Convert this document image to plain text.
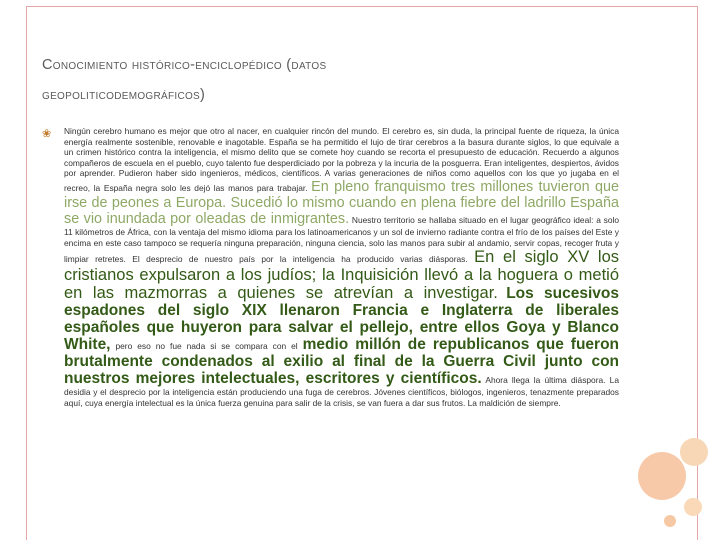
Conocimiento histórico-enciclopédico (datos
geopoliticodemográficos)
❀	Ningún cerebro humano es mejor que otro al nacer, en cualquier rincón del mundo. El cerebro es, sin duda, la principal fuente de riqueza, la única energía realmente sostenible, renovable e inagotable. España se ha permitido el lujo de tirar cerebros a la basura durante siglos, lo que equivale a un crimen histórico contra la inteligencia, el mismo delito que se comete hoy cuando se recorta el presupuesto de educación. Recuerdo a algunos compañeros de escuela en el pueblo, cuyo talento fue desperdiciado por la pobreza y la incuria de la posguerra. Eran inteligentes, despiertos, ávidos por aprender. Pudieron haber sido ingenieros, médicos, científicos. A varias generaciones de niños como aquellos con los que yo jugaba en el recreo, la España negra solo les dejó las manos para trabajar. En pleno franquismo tres millones tuvieron que irse de peones a Europa. Sucedió lo mismo cuando en plena fiebre del ladrillo España se vio inundada por oleadas de inmigrantes. Nuestro territorio se hallaba situado en el lugar geográfico ideal: a solo 11 kilómetros de África, con la ventaja del mismo idioma para los latinoamericanos y un sol de invierno radiante contra el frío de los países del Este y encima en este caso tampoco se requería ninguna preparación, ninguna ciencia, solo las manos para subir al andamio, servir copas, recoger fruta y limpiar retretes. El desprecio de nuestro país por la inteligencia ha producido varias diásporas. En el siglo XV los cristianos expulsaron a los judíos; la Inquisición llevó a la hoguera o metió en las mazmorras a quienes se atrevían a investigar. Los sucesivos espadones del siglo XIX llenaron Francia e Inglaterra de liberales españoles que huyeron para salvar el pellejo, entre ellos Goya y Blanco White, pero eso no fue nada si se compara con el medio millón de republicanos que fueron brutalmente condenados al exilio al final de la Guerra Civil junto con nuestros mejores intelectuales, escritores y científicos. Ahora llega la última diáspora. La desidia y el desprecio por la inteligencia están produciendo una fuga de cerebros. Jóvenes científicos, biólogos, ingenieros, tenazmente preparados aquí, cuya energía intelectual es la única fuerza genuina para salir de la crisis, se van fuera a dar sus frutos. La maldición de siempre.
